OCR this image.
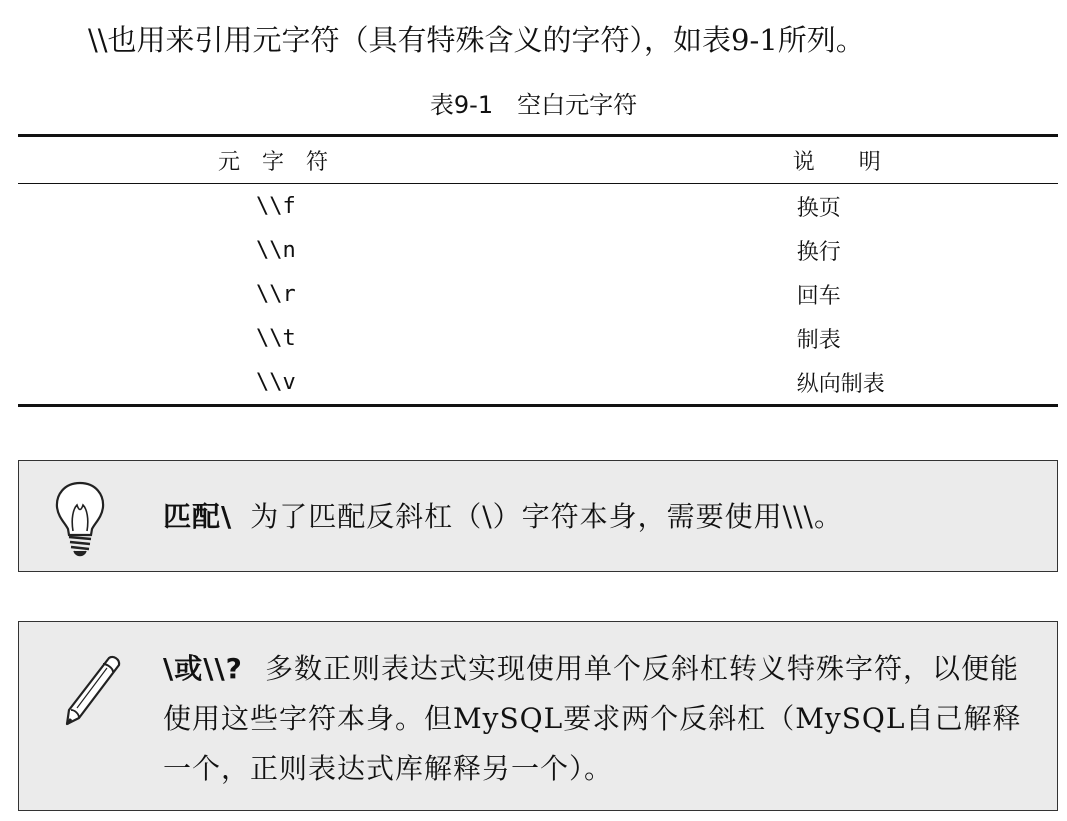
\\也用来引用元字符（具有特殊含义的字符），如表9-1所列。
表9-1　空白元字符
元　字　符	说　　明
\\f	换页
\\n	换行
\\r	回车
\\t	制表
\\v	纵向制表
匹配\ 为了匹配反斜杠（\）字符本身，需要使用\\\。
\或\\? 多数正则表达式实现使用单个反斜杠转义特殊字符，以便能使用这些字符本身。但MySQL要求两个反斜杠（MySQL自己解释一个，正则表达式库解释另一个）。
